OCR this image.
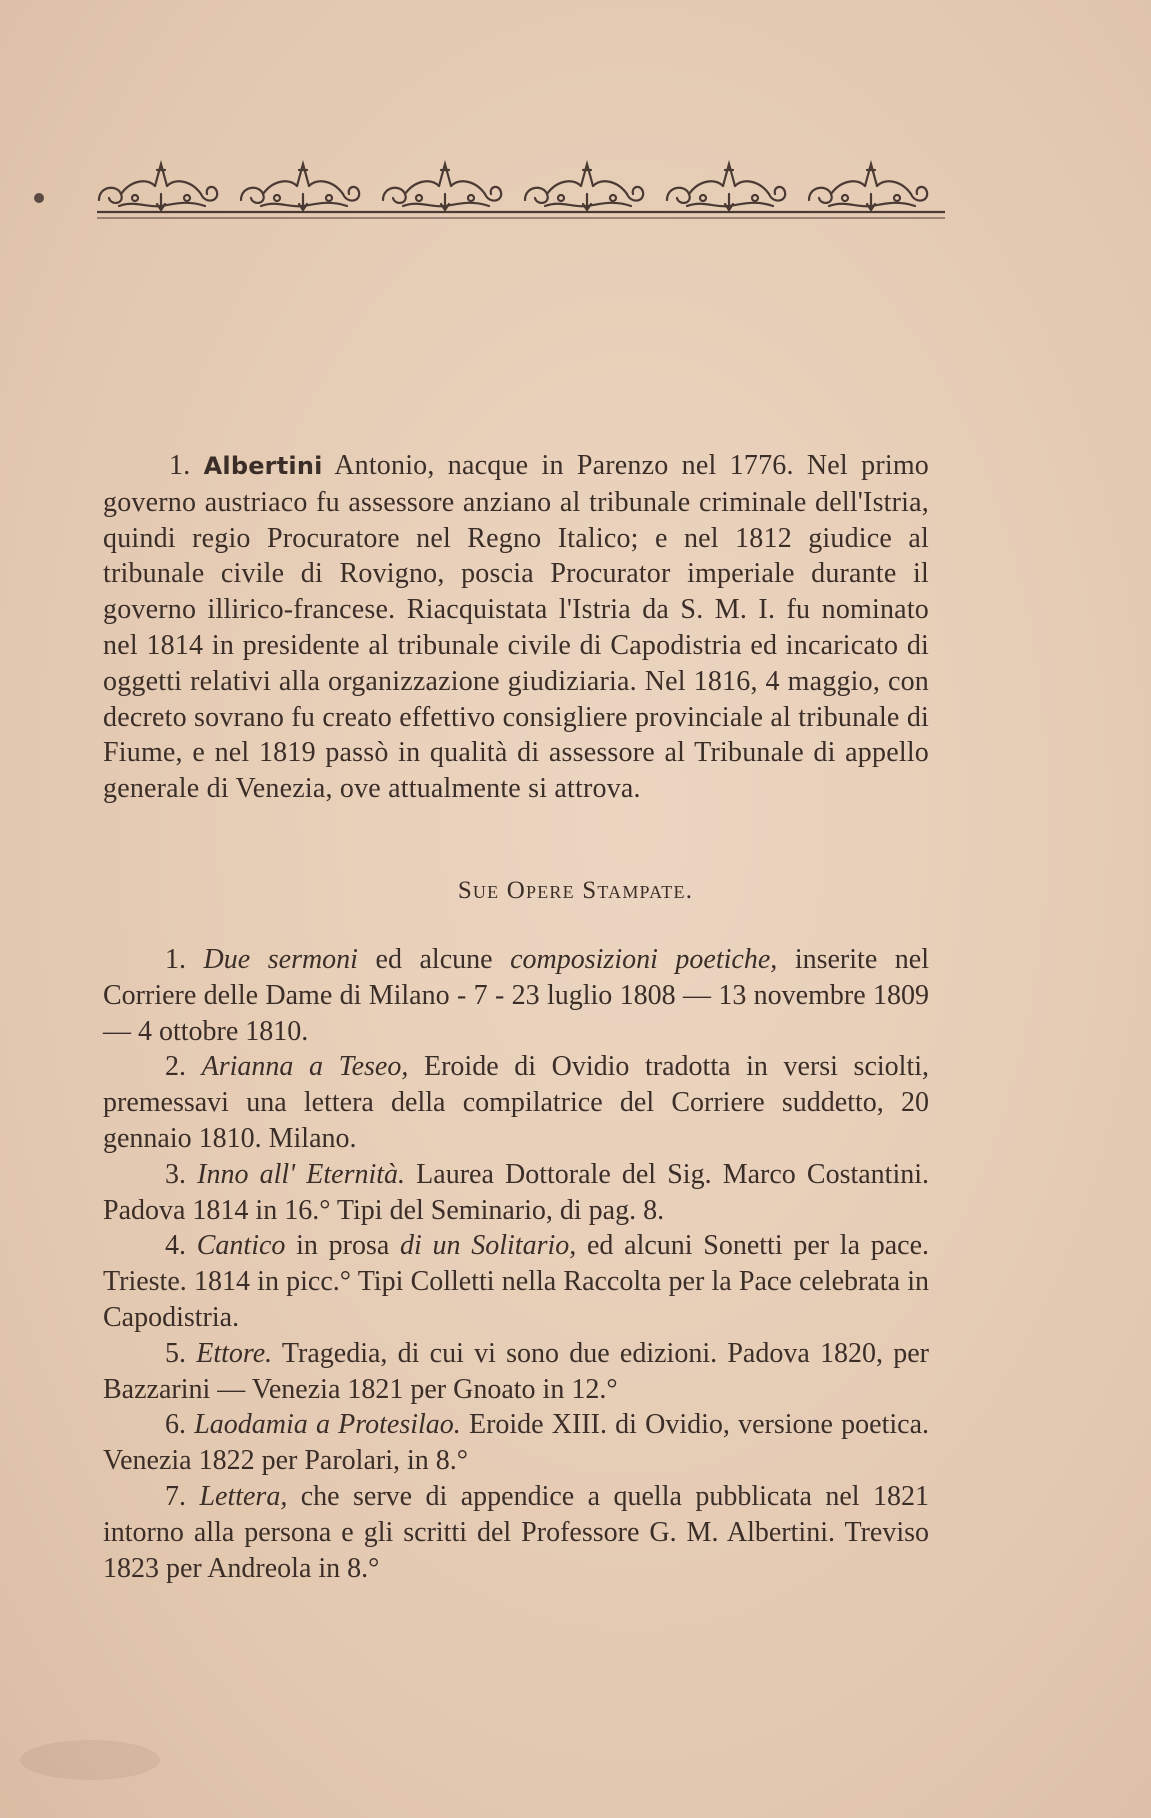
1. Albertini Antonio, nacque in Parenzo nel 1776. Nel primo governo austriaco fu assessore anziano al tribunale criminale dell'Istria, quindi regio Procuratore nel Regno Italico; e nel 1812 giudice al tribunale civile di Rovigno, poscia Procurator imperiale durante il governo illirico-francese. Riacquistata l'Istria da S. M. I. fu nominato nel 1814 in presidente al tribunale civile di Capodistria ed incaricato di oggetti relativi alla organizzazione giudiziaria. Nel 1816, 4 maggio, con decreto sovrano fu creato effettivo consigliere provinciale al tribunale di Fiume, e nel 1819 passò in qualità di assessore al Tribunale di appello generale di Venezia, ove attualmente si attrova.

Sue Opere Stampate.

1. Due sermoni ed alcune composizioni poetiche, inserite nel Corriere delle Dame di Milano - 7 - 23 luglio 1808 — 13 novembre 1809 — 4 ottobre 1810.

2. Arianna a Teseo, Eroide di Ovidio tradotta in versi sciolti, premessavi una lettera della compilatrice del Corriere suddetto, 20 gennaio 1810. Milano.

3. Inno all' Eternità. Laurea Dottorale del Sig. Marco Costantini. Padova 1814 in 16.° Tipi del Seminario, di pag. 8.

4. Cantico in prosa di un Solitario, ed alcuni Sonetti per la pace. Trieste. 1814 in picc.° Tipi Colletti nella Raccolta per la Pace celebrata in Capodistria.

5. Ettore. Tragedia, di cui vi sono due edizioni. Padova 1820, per Bazzarini — Venezia 1821 per Gnoato in 12.°

6. Laodamia a Protesilao. Eroide XIII. di Ovidio, versione poetica. Venezia 1822 per Parolari, in 8.°

7. Lettera, che serve di appendice a quella pubblicata nel 1821 intorno alla persona e gli scritti del Professore G. M. Albertini. Treviso 1823 per Andreola in 8.°
